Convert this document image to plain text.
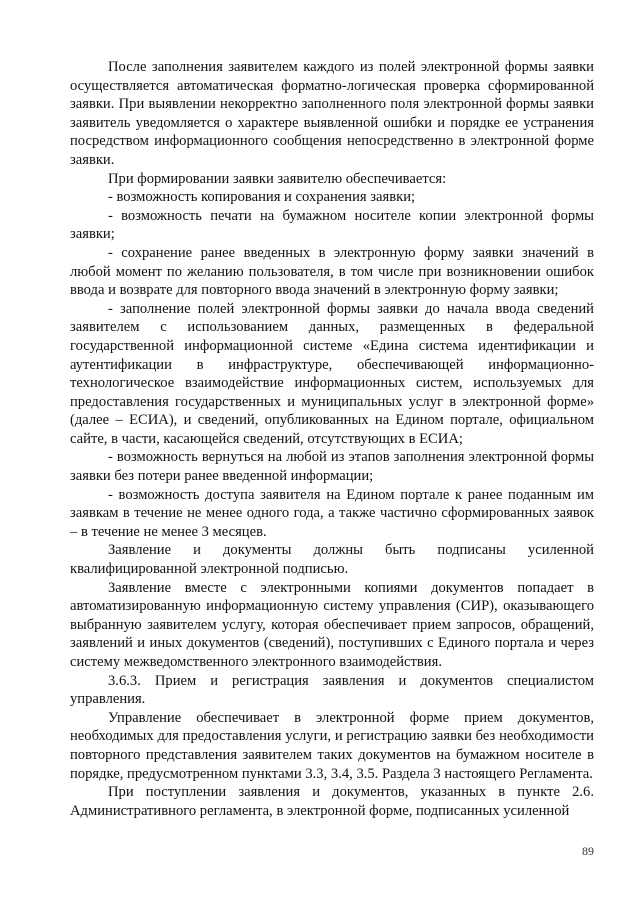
После заполнения заявителем каждого из полей электронной формы заявки осуществляется автоматическая форматно-логическая проверка сформированной заявки. При выявлении некорректно заполненного поля электронной формы заявки заявитель уведомляется о характере выявленной ошибки и порядке ее устранения посредством информационного сообщения непосредственно в электронной форме заявки.

При формировании заявки заявителю обеспечивается:

- возможность копирования и сохранения заявки;

- возможность печати на бумажном носителе копии электронной формы заявки;

- сохранение ранее введенных в электронную форму заявки значений в любой момент по желанию пользователя, в том числе при возникновении ошибок ввода и возврате для повторного ввода значений в электронную форму заявки;

- заполнение полей электронной формы заявки до начала ввода сведений заявителем с использованием данных, размещенных в федеральной государственной информационной системе «Едина система идентификации и аутентификации в инфраструктуре, обеспечивающей информационно-технологическое взаимодействие информационных систем, используемых для предоставления государственных и муниципальных услуг в электронной форме» (далее – ЕСИА), и сведений, опубликованных на Едином портале, официальном сайте, в части, касающейся сведений, отсутствующих в ЕСИА;

- возможность вернуться на любой из этапов заполнения электронной формы заявки без потери ранее введенной информации;

- возможность доступа заявителя на Едином портале к ранее поданным им заявкам в течение не менее одного года, а также частично сформированных заявок – в течение не менее 3 месяцев.

Заявление и документы должны быть подписаны усиленной квалифицированной электронной подписью.

Заявление вместе с электронными копиями документов попадает в автоматизированную информационную систему управления (СИР), оказывающего выбранную заявителем услугу, которая обеспечивает прием запросов, обращений, заявлений и иных документов (сведений), поступивших с Единого портала и через систему межведомственного электронного взаимодействия.

3.6.3. Прием и регистрация заявления и документов специалистом управления.

Управление обеспечивает в электронной форме прием документов, необходимых для предоставления услуги, и регистрацию заявки без необходимости повторного представления заявителем таких документов на бумажном носителе в порядке, предусмотренном пунктами 3.3, 3.4, 3.5. Раздела 3 настоящего Регламента.

При поступлении заявления и документов, указанных в пункте 2.6. Административного регламента, в электронной форме, подписанных усиленной

89
